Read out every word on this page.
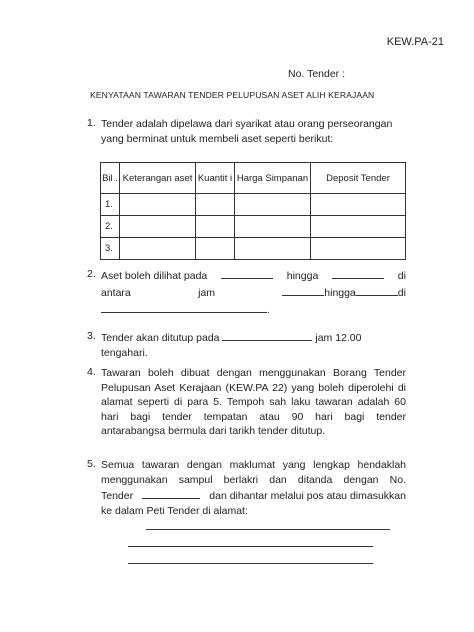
KEW.PA-21
No. Tender :
KENYATAAN TAWARAN TENDER PELUPUSAN ASET ALIH KERAJAAN
1. Tender adalah dipelawa dari syarikat atau orang perseorangan
yang berminat untuk membeli aset seperti berikut:
Bil .	Keterangan aset	Kuantit i	Harga Simpanan	Deposit Tender
1.				
2.				
3.				
2. Aset boleh dilihat pada	hingga	di
antara	jam	hingga	di
.
3. Tender akan ditutup pada	jam 12.00 tengahari.
4. Tawaran boleh dibuat dengan menggunakan Borang Tender
Pelupusan Aset Kerajaan (KEW.PA 22) yang boleh diperolehi di
alamat seperti di para 5. Tempoh sah laku tawaran adalah 60
hari bagi tender tempatan atau 90 hari bagi tender
antarabangsa bermula dari tarikh tender ditutup.
5. Semua tawaran dengan maklumat yang lengkap hendaklah
menggunakan sampul berlakri dan ditanda dengan No.
Tender	dan dihantar melalui pos atau dimasukkan
ke dalam Peti Tender di alamat:
